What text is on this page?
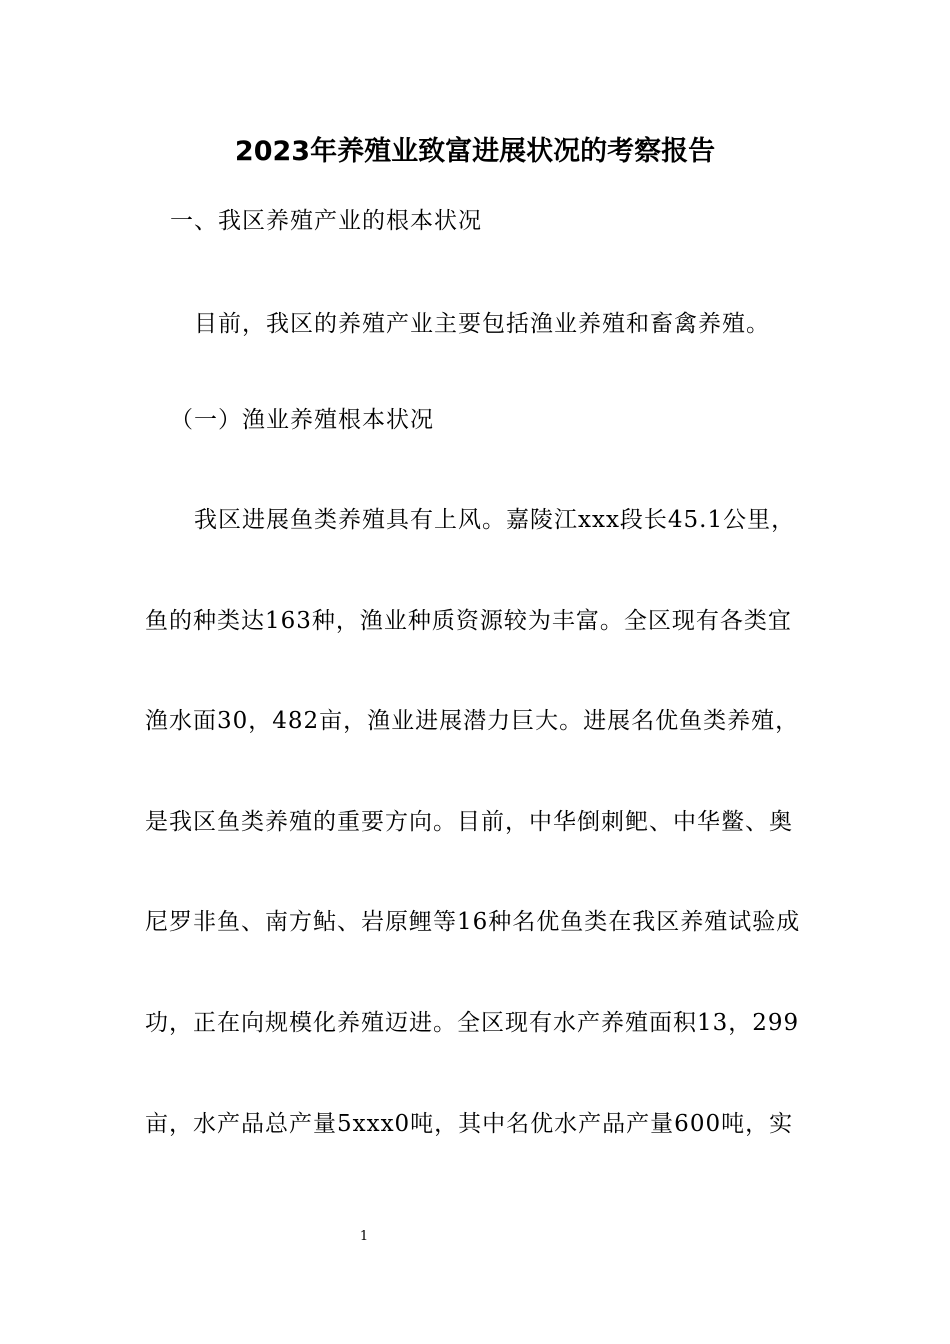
2023年养殖业致富进展状况的考察报告
一、我区养殖产业的根本状况
目前，我区的养殖产业主要包括渔业养殖和畜禽养殖。
（一）渔业养殖根本状况
我区进展鱼类养殖具有上风。嘉陵江xxx段长45.1公里，
鱼的种类达163种，渔业种质资源较为丰富。全区现有各类宜
渔水面30，482亩，渔业进展潜力巨大。进展名优鱼类养殖，
是我区鱼类养殖的重要方向。目前，中华倒刺鲃、中华鳖、奥
尼罗非鱼、南方鲇、岩原鲤等16种名优鱼类在我区养殖试验成
功，正在向规模化养殖迈进。全区现有水产养殖面积13，299
亩，水产品总产量5xxx0吨，其中名优水产品产量600吨，实
1
